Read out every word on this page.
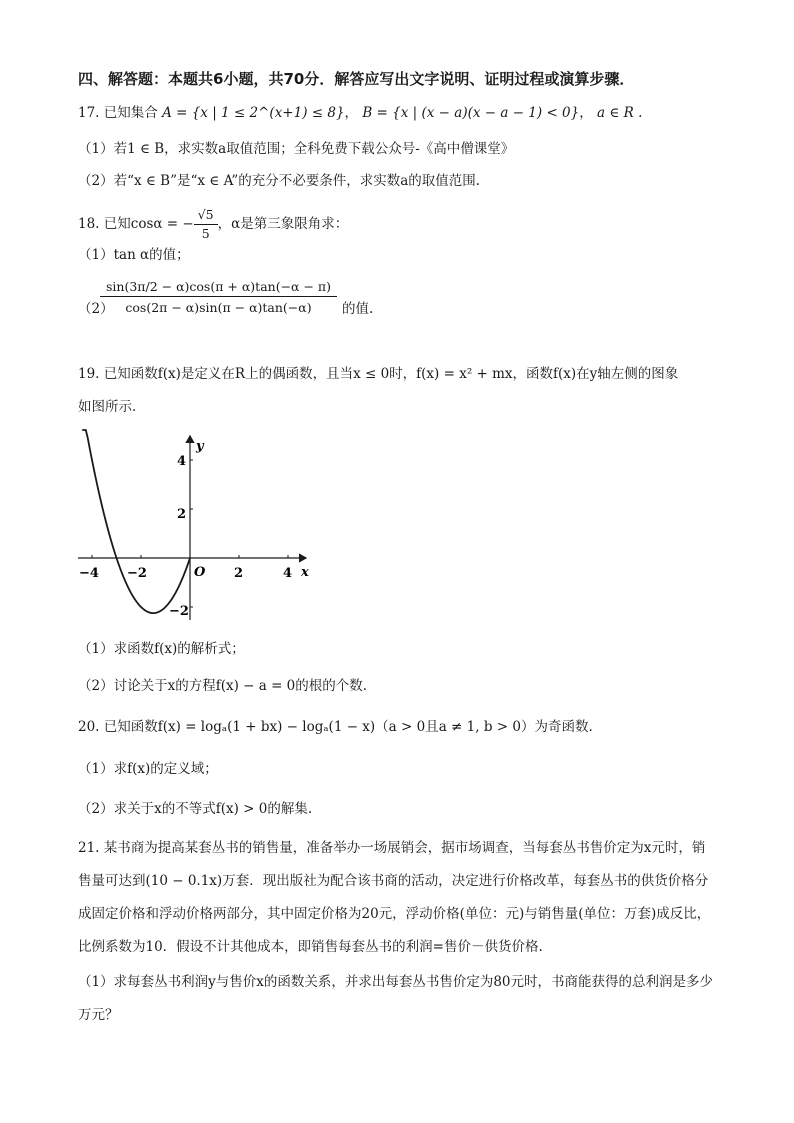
四、解答题：本题共6小题，共70分．解答应写出文字说明、证明过程或演算步骤．
17. 已知集合 A = {x | 1 ≤ 2^(x+1) ≤ 8}， B = {x | (x − a)(x − a − 1) < 0}， a ∈ R .
（1）若1 ∈ B，求实数a取值范围；全科免费下载公众号-《高中僧课堂》
（2）若“x ∈ B”是“x ∈ A”的充分不必要条件，求实数a的取值范围.
18. 已知cosα = − $\frac{√5}{5}$ ，α是第三象限角求：
（1）tan α的值；
（2）
$\frac{\sin(3\pi/2 - \alpha)\cos(\pi + \alpha)\tan(-\alpha - \pi)}{\cos(2\pi - \alpha)\sin(\pi - \alpha)\tan(-\alpha)}$ 的值.
19. 已知函数f(x)是定义在R上的偶函数，且当x ≤ 0时，f(x) = x² + mx，函数f(x)在y轴左侧的图象
如图所示．
x
y
O
−4 −2	2	4
4
2
−2
（1）求函数f(x)的解析式；
（2）讨论关于x的方程f(x) − a = 0的根的个数.
20. 已知函数f(x) = logₐ(1 + bx) − logₐ(1 − x)（a > 0且a ≠ 1, b > 0）为奇函数.
（1）求f(x)的定义域；
（2）求关于x的不等式f(x) > 0的解集.
21. 某书商为提高某套丛书的销售量，准备举办一场展销会，据市场调查，当每套丛书售价定为x元时，销售量可达到(10 − 0.1x)万套．现出版社为配合该书商的活动，决定进行价格改革，每套丛书的供货价格分成固定价格和浮动价格两部分，其中固定价格为20元，浮动价格(单位：元)与销售量(单位：万套)成反比，比例系数为10．假设不计其他成本，即销售每套丛书的利润=售价－供货价格.
（1）求每套丛书利润y与售价x的函数关系，并求出每套丛书售价定为80元时，书商能获得的总利润是多少万元？
